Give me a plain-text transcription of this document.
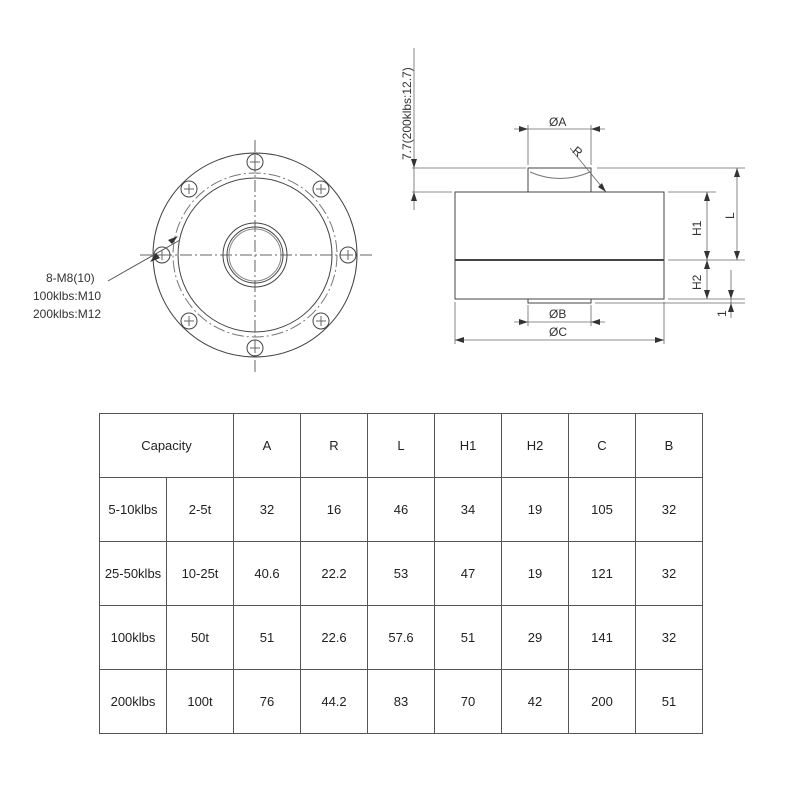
8-M8(10)
100klbs:M10
200klbs:M12
7.7(200klbs:12.7)	ØA
R
H1
L
H2
1
ØB
ØC
Capacity		A	R	L	H1	H2	C	B
5-10klbs	2-5t	32	16	46	34	19	105	32
25-50klbs	10-25t	40.6	22.2	53	47	19	121	32
100klbs	50t	51	22.6	57.6	51	29	141	32
200klbs	100t	76	44.2	83	70	42	200	51
